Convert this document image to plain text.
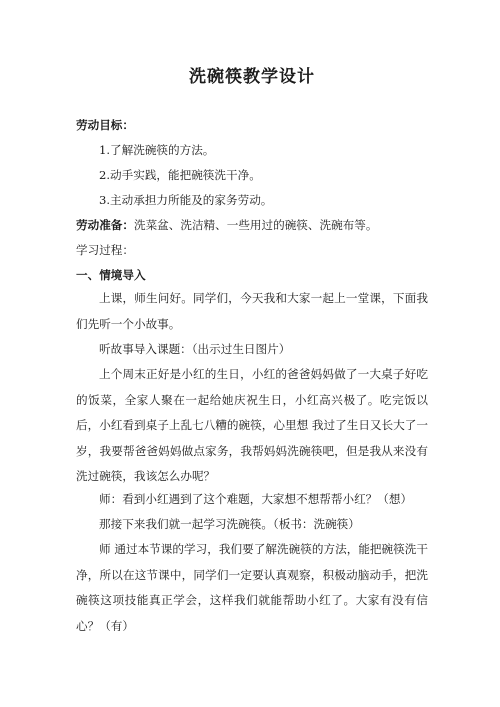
洗碗筷教学设计
劳动目标：
1.了解洗碗筷的方法。
2.动手实践，能把碗筷洗干净。
3.主动承担力所能及的家务劳动。
劳动准备：洗菜盆、洗洁精、一些用过的碗筷、洗碗布等。
学习过程：
一、情境导入
上课，师生问好。同学们，今天我和大家一起上一堂课，下面我们先听一个小故事。
听故事导入课题：（出示过生日图片）
上个周末正好是小红的生日，小红的爸爸妈妈做了一大桌子好吃的饭菜，全家人聚在一起给她庆祝生日，小红高兴极了。吃完饭以后，小红看到桌子上乱七八糟的碗筷，心里想 我过了生日又长大了一岁，我要帮爸爸妈妈做点家务，我帮妈妈洗碗筷吧，但是我从来没有洗过碗筷，我该怎么办呢？
师：看到小红遇到了这个难题，大家想不想帮帮小红？（想）
那接下来我们就一起学习洗碗筷。（板书：洗碗筷）
师 通过本节课的学习，我们要了解洗碗筷的方法，能把碗筷洗干净，所以在这节课中，同学们一定要认真观察，积极动脑动手，把洗碗筷这项技能真正学会，这样我们就能帮助小红了。大家有没有信心？（有）
